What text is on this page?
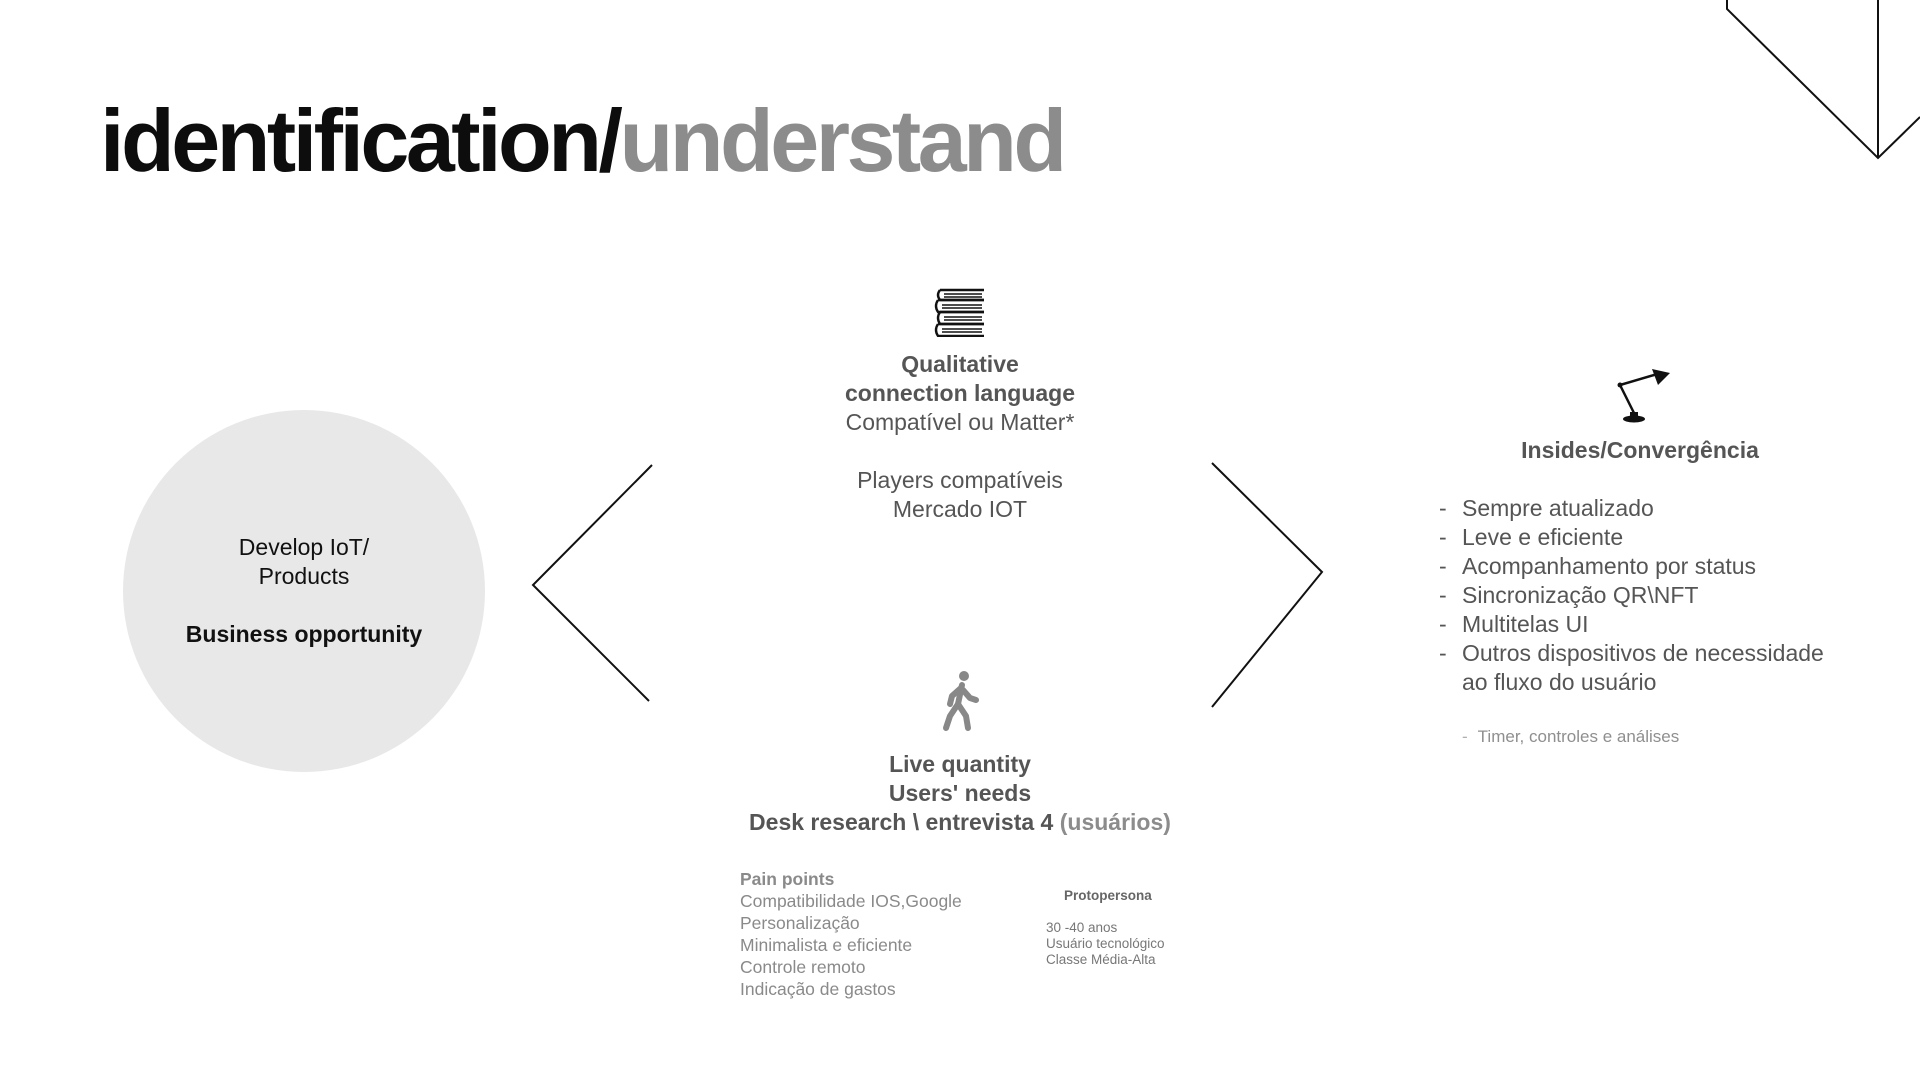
identification/understand
Develop IoT/
Products
Business opportunity
Qualitative
connection language
Compatível ou Matter*
Players compatíveis
Mercado IOT
Live quantity
Users' needs
Desk research \ entrevista 4 (usuários)
Pain points
Compatibilidade IOS,Google
Personalização
Minimalista e eficiente
Controle remoto
Indicação de gastos
Protopersona
30 -40 anos
Usuário tecnológico
Classe Média-Alta
Insides/Convergência
- Sempre atualizado
- Leve e eficiente
- Acompanhamento por status
- Sincronização QR\NFT
- Multitelas UI
- Outros dispositivos de necessidade
ao fluxo do usuário
- Timer, controles e análises
